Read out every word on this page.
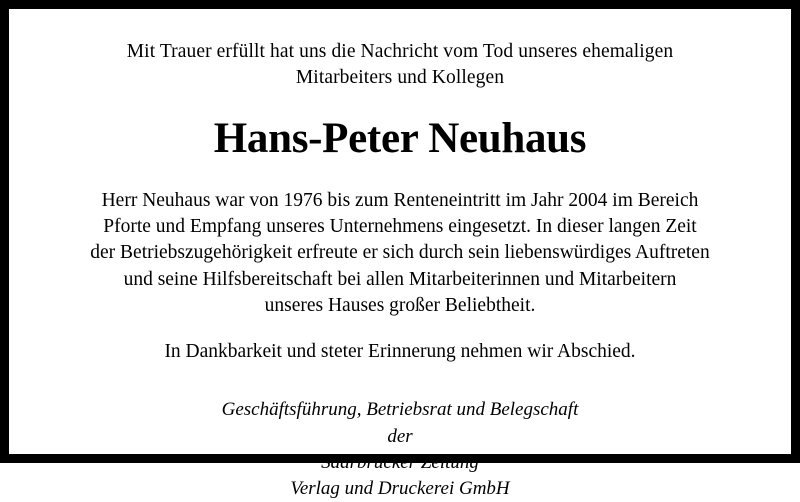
Mit Trauer erfüllt hat uns die Nachricht vom Tod unseres ehemaligen
Mitarbeiters und Kollegen

Hans-Peter Neuhaus

Herr Neuhaus war von 1976 bis zum Renteneintritt im Jahr 2004 im Bereich
Pforte und Empfang unseres Unternehmens eingesetzt. In dieser langen Zeit
der Betriebszugehörigkeit erfreute er sich durch sein liebenswürdiges Auftreten
und seine Hilfsbereitschaft bei allen Mitarbeiterinnen und Mitarbeitern
unseres Hauses großer Beliebtheit.

In Dankbarkeit und steter Erinnerung nehmen wir Abschied.

Geschäftsführung, Betriebsrat und Belegschaft
der
Saarbrücker Zeitung
Verlag und Druckerei GmbH
